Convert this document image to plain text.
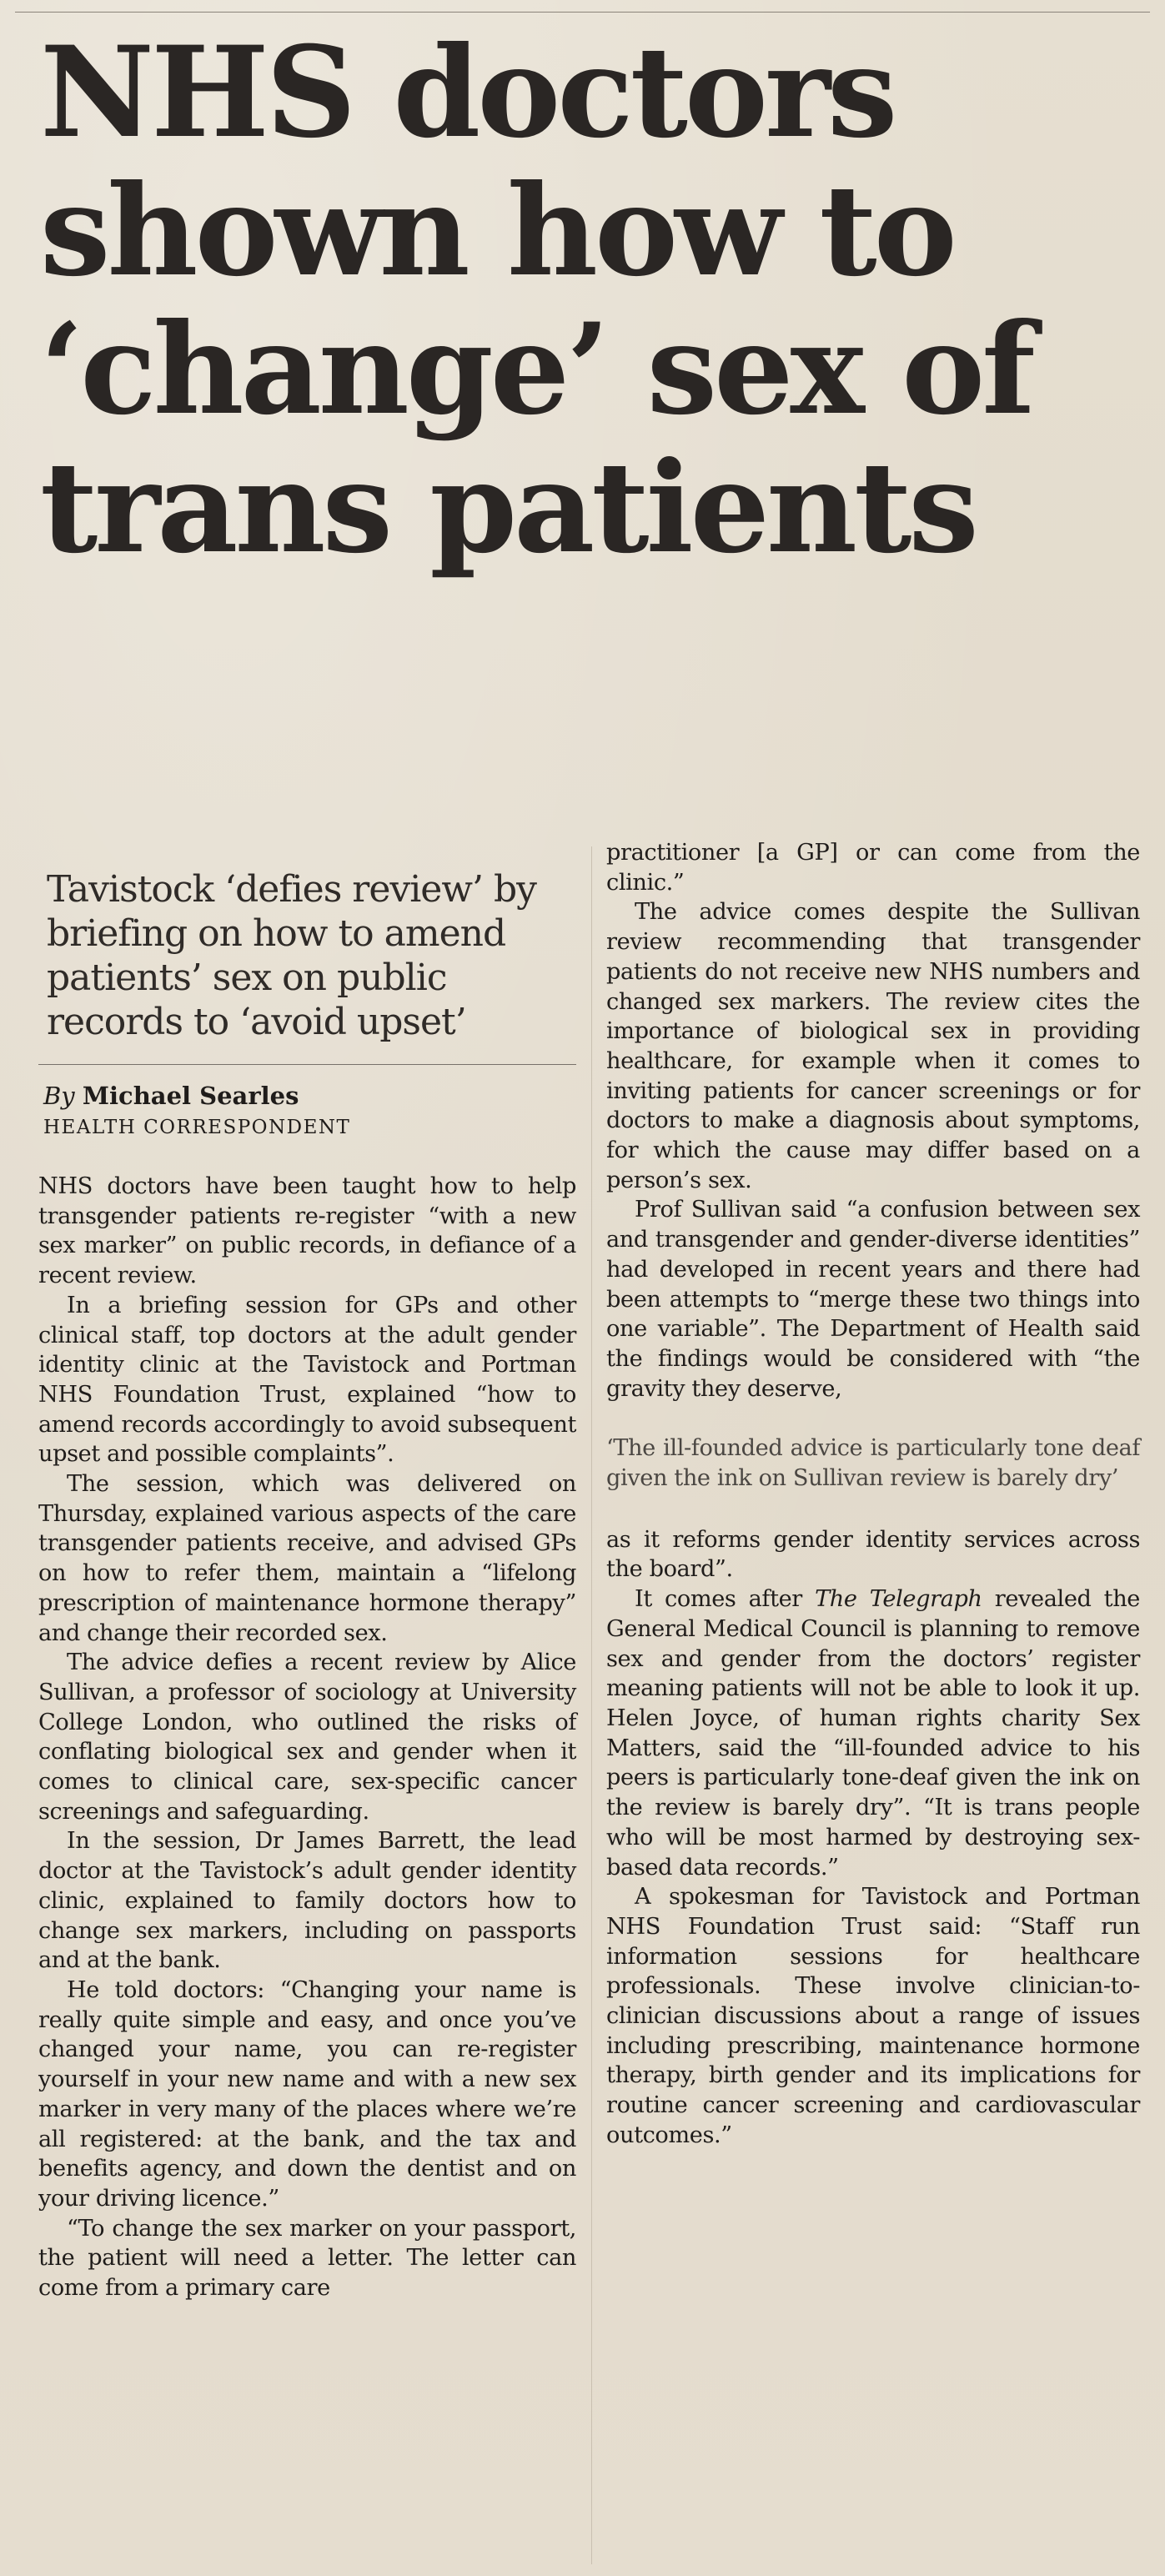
NHS doctors
shown how to
‘change’ sex of
trans patients
Tavistock ‘defies review’ by briefing on how to amend patients’ sex on public records to ‘avoid upset’
By Michael Searles
HEALTH CORRESPONDENT

NHS doctors have been taught how to help transgender patients re-register “with a new sex marker” on public records, in defiance of a recent review.

In a briefing session for GPs and other clinical staff, top doctors at the adult gender identity clinic at the Tavistock and Portman NHS Foundation Trust, explained “how to amend records accordingly to avoid subsequent upset and possible complaints”.

The session, which was delivered on Thursday, explained various aspects of the care transgender patients receive, and advised GPs on how to refer them, maintain a “lifelong prescription of maintenance hormone therapy” and change their recorded sex.

The advice defies a recent review by Alice Sullivan, a professor of sociology at University College London, who outlined the risks of conflating biological sex and gender when it comes to clinical care, sex-specific cancer screenings and safeguarding.

In the session, Dr James Barrett, the lead doctor at the Tavistock’s adult gender identity clinic, explained to family doctors how to change sex markers, including on passports and at the bank.

He told doctors: “Changing your name is really quite simple and easy, and once you’ve changed your name, you can re-register yourself in your new name and with a new sex marker in very many of the places where we’re all registered: at the bank, and the tax and benefits agency, and down the dentist and on your driving licence.”

“To change the sex marker on your passport, the patient will need a letter. The letter can come from a primary care

practitioner [a GP] or can come from the clinic.”

The advice comes despite the Sullivan review recommending that transgender patients do not receive new NHS numbers and changed sex markers. The review cites the importance of biological sex in providing healthcare, for example when it comes to inviting patients for cancer screenings or for doctors to make a diagnosis about symptoms, for which the cause may differ based on a person’s sex.

Prof Sullivan said “a confusion between sex and transgender and gender-diverse identities” had developed in recent years and there had been attempts to “merge these two things into one variable”. The Department of Health said the findings would be considered with “the gravity they deserve,

‘The ill-founded advice is particularly tone deaf given the ink on Sullivan review is barely dry’

as it reforms gender identity services across the board”.

It comes after The Telegraph revealed the General Medical Council is planning to remove sex and gender from the doctors’ register meaning patients will not be able to look it up. Helen Joyce, of human rights charity Sex Matters, said the “ill-founded advice to his peers is particularly tone-deaf given the ink on the review is barely dry”. “It is trans people who will be most harmed by destroying sex-based data records.”

A spokesman for Tavistock and Portman NHS Foundation Trust said: “Staff run information sessions for healthcare professionals. These involve clinician-to-clinician discussions about a range of issues including prescribing, maintenance hormone therapy, birth gender and its implications for routine cancer screening and cardiovascular outcomes.”
